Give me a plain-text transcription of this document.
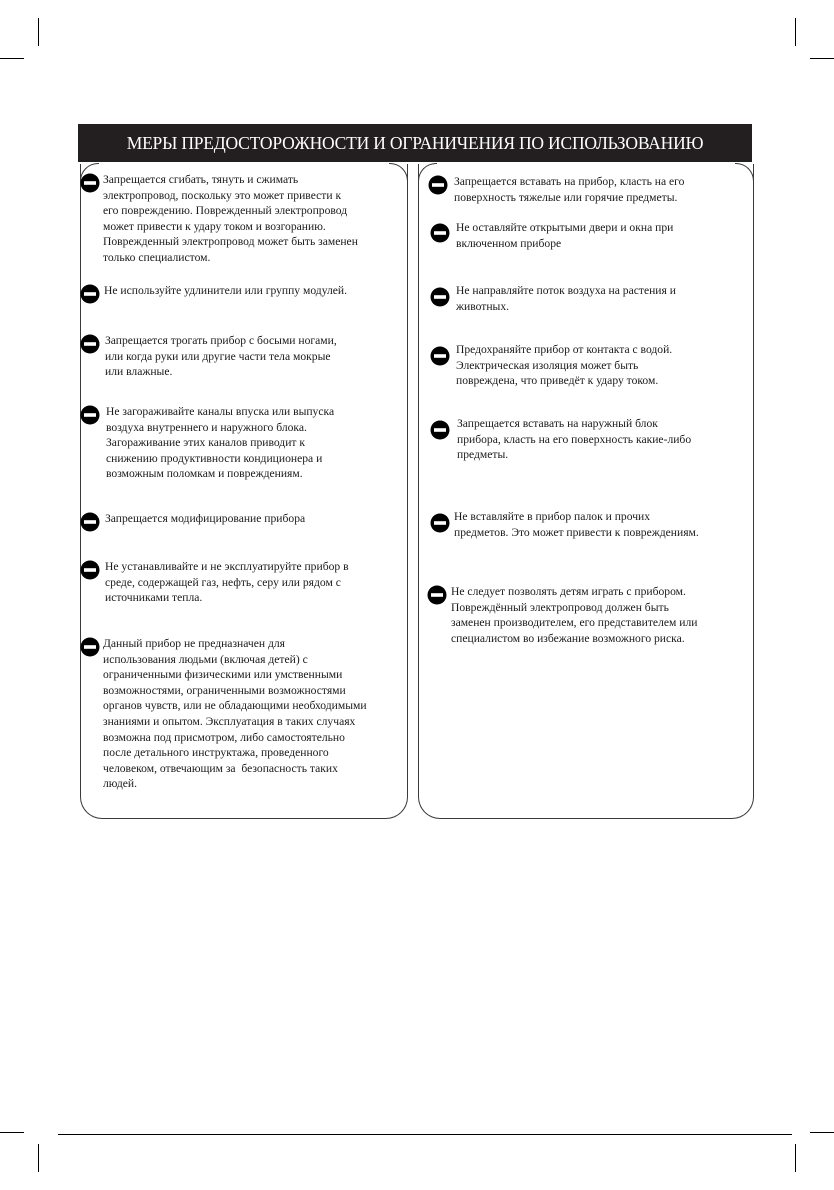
МЕРЫ ПРЕДОСТОРОЖНОСТИ И ОГРАНИЧЕНИЯ ПО ИСПОЛЬЗОВАНИЮ
Запрещается сгибать, тянуть и сжимать
электропровод, поскольку это может привести к
его повреждению. Поврежденный электропровод
может привести к удару током и возгоранию.
Поврежденный электропровод может быть заменен
только специалистом.
Не используйте удлинители или группу модулей.
Запрещается трогать прибор с босыми ногами,
или когда руки или другие части тела мокрые
или влажные.
Не загораживайте каналы впуска или выпуска
воздуха внутреннего и наружного блока.
Загораживание этих каналов приводит к
снижению продуктивности кондиционера и
возможным поломкам и повреждениям.
Запрещается модифицирование прибора
Не устанавливайте и не эксплуатируйте прибор в
среде, содержащей газ, нефть, серу или рядом с
источниками тепла.
Данный прибор не предназначен для
использования людьми (включая детей) с
ограниченными физическими или умственными
возможностями, ограниченными возможностями
органов чувств, или не обладающими необходимыми
знаниями и опытом. Эксплуатация в таких случаях
возможна под присмотром, либо самостоятельно
после детального инструктажа, проведенного
человеком, отвечающим за  безопасность таких
людей.
Запрещается вставать на прибор, класть на его
поверхность тяжелые или горячие предметы.
Не оставляйте открытыми двери и окна при
включенном приборе
Не направляйте поток воздуха на растения и
животных.
Предохраняйте прибор от контакта с водой.
Электрическая изоляция может быть
повреждена, что приведёт к удару током.
Запрещается вставать на наружный блок
прибора, класть на его поверхность какие-либо
предметы.
Не вставляйте в прибор палок и прочих
предметов. Это может привести к повреждениям.
Не следует позволять детям играть с прибором.
Повреждённый электропровод должен быть
заменен производителем, его представителем или
специалистом во избежание возможного риска.
